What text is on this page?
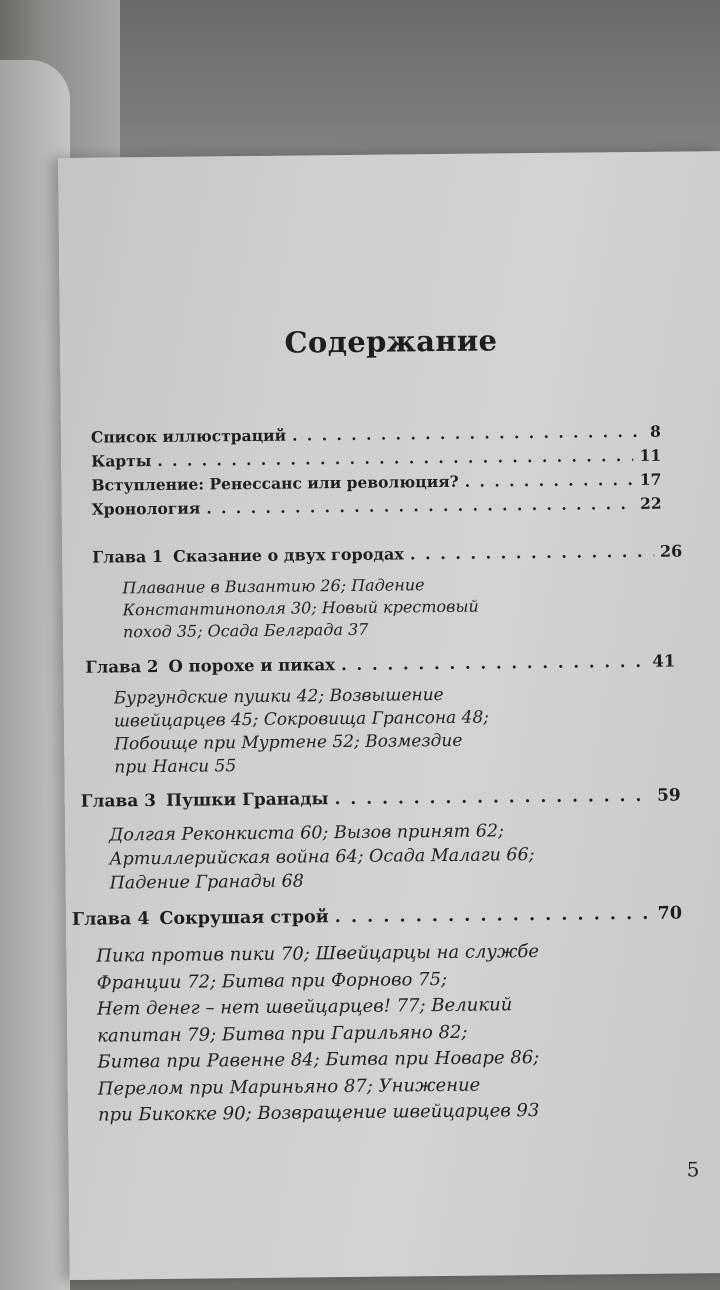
Содержание
Список иллюстраций . . .	8
Карты . . .	11
Вступление: Ренессанс или революция? . . .	17
Хронология . . .	22
Глава 1 Сказание о двух городах . . .	26
Плавание в Византию 26; Падение
Константинополя 30; Новый крестовый
поход 35; Осада Белграда 37
Глава 2 О порохе и пиках . . .	41
Бургундские пушки 42; Возвышение
швейцарцев 45; Сокровища Грансона 48;
Побоище при Муртене 52; Возмездие
при Нанси 55
Глава 3 Пушки Гранады . . .	59
Долгая Реконкиста 60; Вызов принят 62;
Артиллерийская война 64; Осада Малаги 66;
Падение Гранады 68
Глава 4 Сокрушая строй . . .	70
Пика против пики 70; Швейцарцы на службе
Франции 72; Битва при Форново 75;
Нет денег – нет швейцарцев! 77; Великий
капитан 79; Битва при Гарильяно 82;
Битва при Равенне 84; Битва при Новаре 86;
Перелом при Мариньяно 87; Унижение
при Бикокке 90; Возвращение швейцарцев 93
5
